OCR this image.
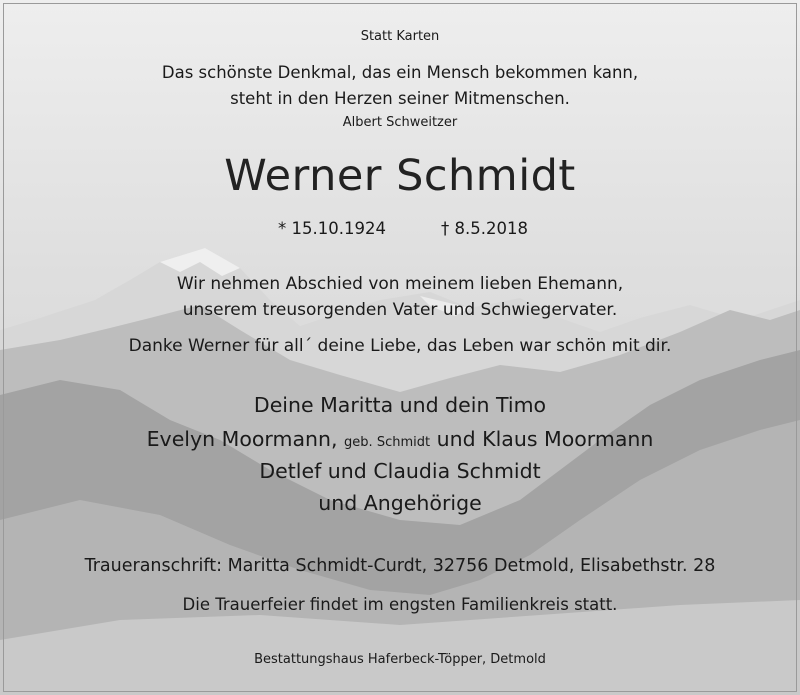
Statt Karten
Das schönste Denkmal, das ein Mensch bekommen kann,
steht in den Herzen seiner Mitmenschen.
Albert Schweitzer
Werner Schmidt
* 15.10.1924	† 8.5.2018
Wir nehmen Abschied von meinem lieben Ehemann,
unserem treusorgenden Vater und Schwiegervater.
Danke Werner für all´ deine Liebe, das Leben war schön mit dir.
Deine Maritta und dein Timo
Evelyn Moormann, geb. Schmidt und Klaus Moormann
Detlef und Claudia Schmidt
und Angehörige
Traueranschrift: Maritta Schmidt-Curdt, 32756 Detmold, Elisabethstr. 28
Die Trauerfeier findet im engsten Familienkreis statt.
Bestattungshaus Haferbeck-Töpper, Detmold
